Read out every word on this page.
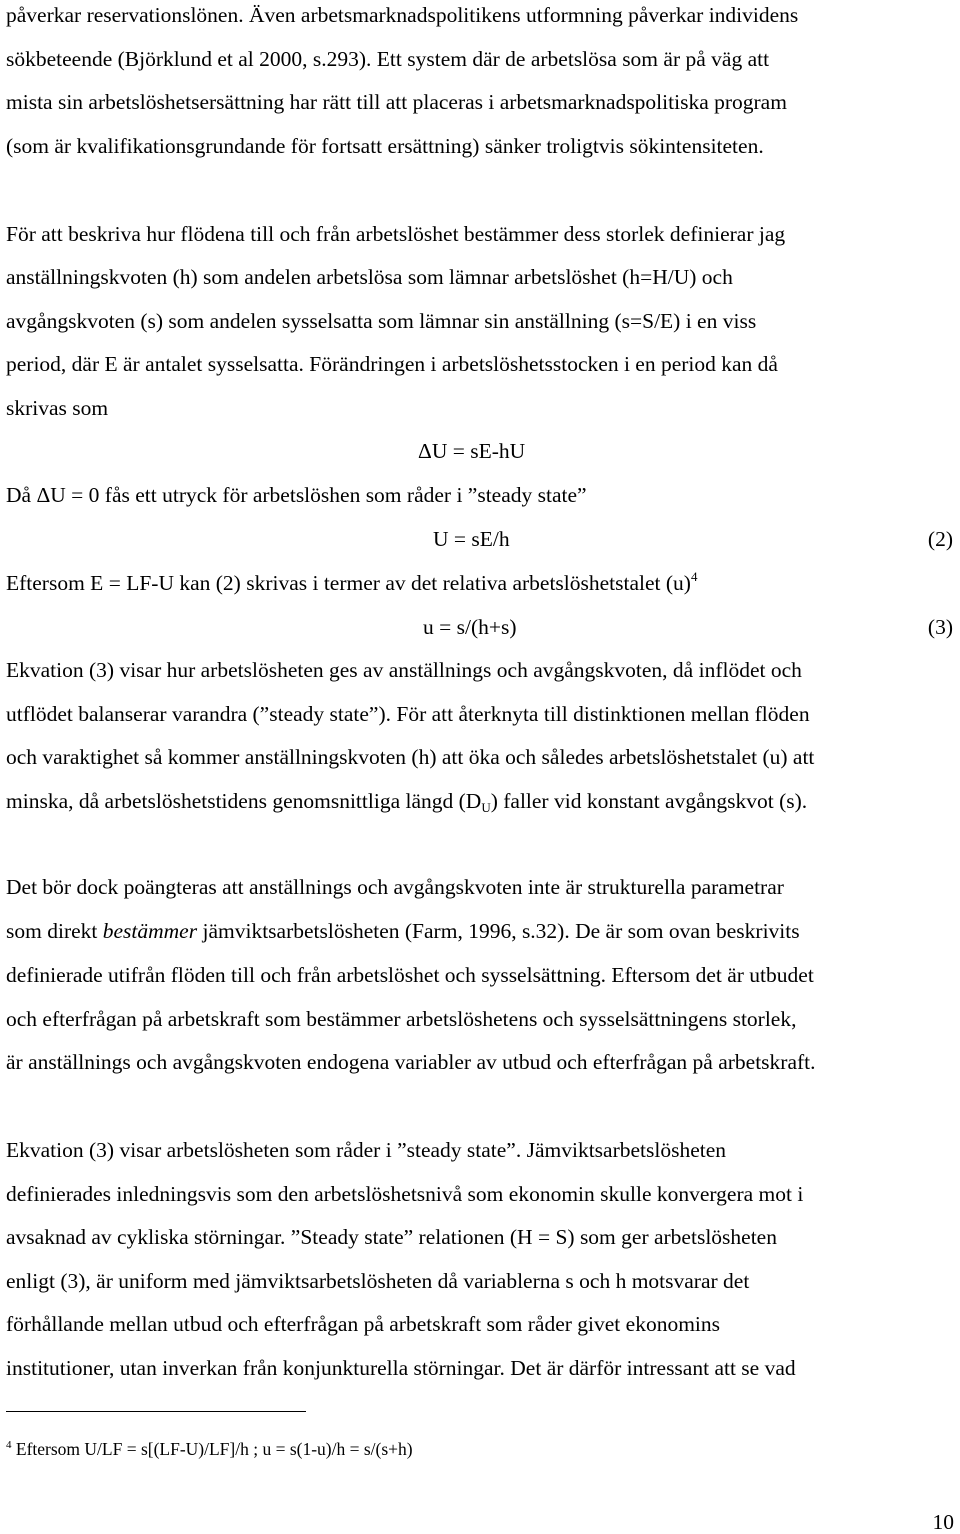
påverkar reservationslönen. Även arbetsmarknadspolitikens utformning påverkar individens
sökbeteende (Björklund et al 2000, s.293). Ett system där de arbetslösa som är på väg att
mista sin arbetslöshetsersättning har rätt till att placeras i arbetsmarknadspolitiska program
(som är kvalifikationsgrundande för fortsatt ersättning) sänker troligtvis sökintensiteten.
För att beskriva hur flödena till och från arbetslöshet bestämmer dess storlek definierar jag
anställningskvoten (h) som andelen arbetslösa som lämnar arbetslöshet (h=H/U) och
avgångskvoten (s) som andelen sysselsatta som lämnar sin anställning (s=S/E) i en viss
period, där E är antalet sysselsatta. Förändringen i arbetslöshetsstocken i en period kan då
skrivas som
ΔU = sE-hU
Då ΔU = 0 fås ett utryck för arbetslöshen som råder i ”steady state”
U = sE/h	(2)
Eftersom E = LF-U kan (2) skrivas i termer av det relativa arbetslöshetstalet $(u)^4$
u = s/(h+s)	(3)
Ekvation (3) visar hur arbetslösheten ges av anställnings och avgångskvoten, då inflödet och
utflödet balanserar varandra (”steady state”). För att återknyta till distinktionen mellan flöden
och varaktighet så kommer anställningskvoten (h) att öka och således arbetslöshetstalet (u) att
minska, då arbetslöshetstidens genomsnittliga längd $(D_U)$ faller vid konstant avgångskvot (s).
Det bör dock poängteras att anställnings och avgångskvoten inte är strukturella parametrar
som direkt bestämmer jämviktsarbetslösheten (Farm, 1996, s.32). De är som ovan beskrivits
definierade utifrån flöden till och från arbetslöshet och sysselsättning. Eftersom det är utbudet
och efterfrågan på arbetskraft som bestämmer arbetslöshetens och sysselsättningens storlek,
är anställnings och avgångskvoten endogena variabler av utbud och efterfrågan på arbetskraft.
Ekvation (3) visar arbetslösheten som råder i ”steady state”. Jämviktsarbetslösheten
definierades inledningsvis som den arbetslöshetsnivå som ekonomin skulle konvergera mot i
avsaknad av cykliska störningar. ”Steady state” relationen (H = S) som ger arbetslösheten
enligt (3), är uniform med jämviktsarbetslösheten då variablerna s och h motsvarar det
förhållande mellan utbud och efterfrågan på arbetskraft som råder givet ekonomins
institutioner, utan inverkan från konjunkturella störningar. Det är därför intressant att se vad
$^4$ Eftersom U/LF = s[(LF-U)/LF]/h ; u = s(1-u)/h = s/(s+h)
10
